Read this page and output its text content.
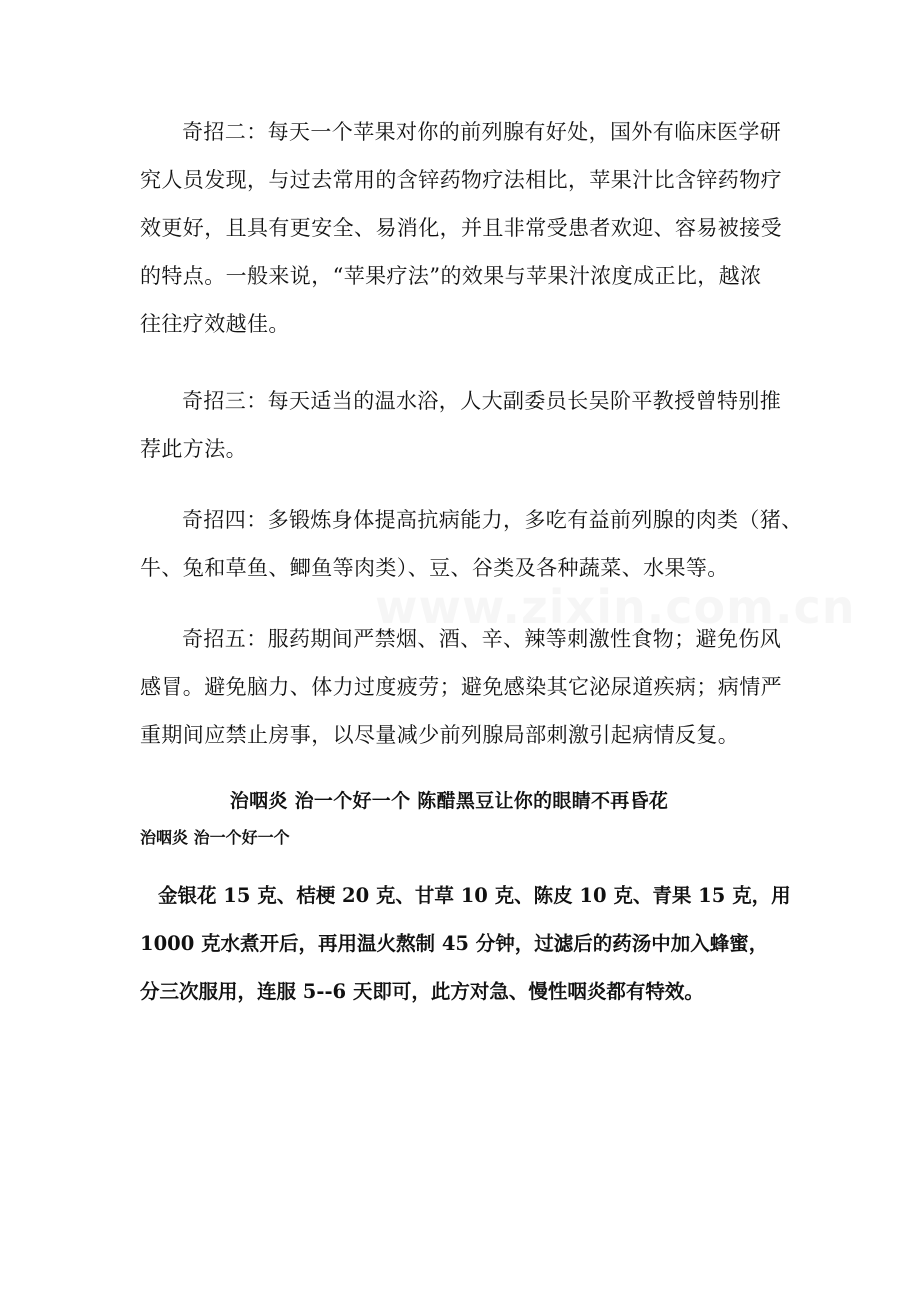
奇招二：每天一个苹果对你的前列腺有好处，国外有临床医学研
究人员发现，与过去常用的含锌药物疗法相比，苹果汁比含锌药物疗
效更好，且具有更安全、易消化，并且非常受患者欢迎、容易被接受
的特点。一般来说，“苹果疗法”的效果与苹果汁浓度成正比，越浓
往往疗效越佳。

奇招三：每天适当的温水浴，人大副委员长吴阶平教授曾特别推
荐此方法。

奇招四：多锻炼身体提高抗病能力，多吃有益前列腺的肉类（猪、
牛、兔和草鱼、鲫鱼等肉类）、豆、谷类及各种蔬菜、水果等。

奇招五：服药期间严禁烟、酒、辛、辣等刺激性食物；避免伤风
感冒。避免脑力、体力过度疲劳；避免感染其它泌尿道疾病；病情严
重期间应禁止房事，以尽量减少前列腺局部刺激引起病情反复。

治咽炎 治一个好一个 陈醋黑豆让你的眼睛不再昏花
治咽炎 治一个好一个

金银花 15 克、桔梗 20 克、甘草 10 克、陈皮 10 克、青果 15 克，用
1000 克水煮开后，再用温火熬制 45 分钟，过滤后的药汤中加入蜂蜜，
分三次服用，连服 5--6 天即可，此方对急、慢性咽炎都有特效。
